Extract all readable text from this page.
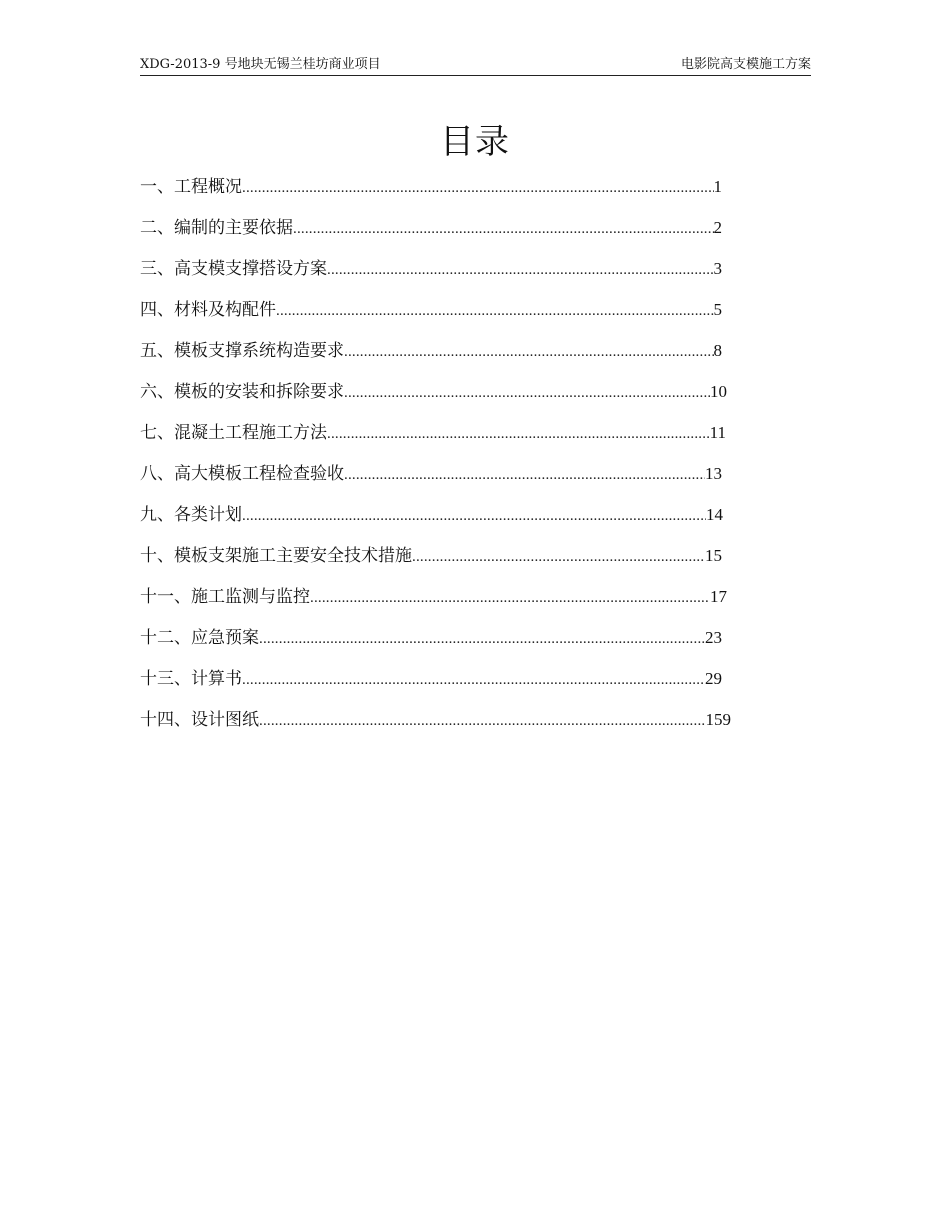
XDG-2013-9 号地块无锡兰桂坊商业项目	电影院高支模施工方案
目录
一、工程概况 .....	1
二、编制的主要依据 .....	2
三、高支模支撑搭设方案 .....	3
四、材料及构配件 .....	5
五、模板支撑系统构造要求 .....	8
六、模板的安装和拆除要求 .....	10
七、混凝土工程施工方法 .....	11
八、高大模板工程检查验收 .....	13
九、各类计划 .....	14
十、模板支架施工主要安全技术措施 .....	15
十一、施工监测与监控 .....	17
十二、应急预案 .....	23
十三、计算书 .....	29
十四、设计图纸 .....	159
